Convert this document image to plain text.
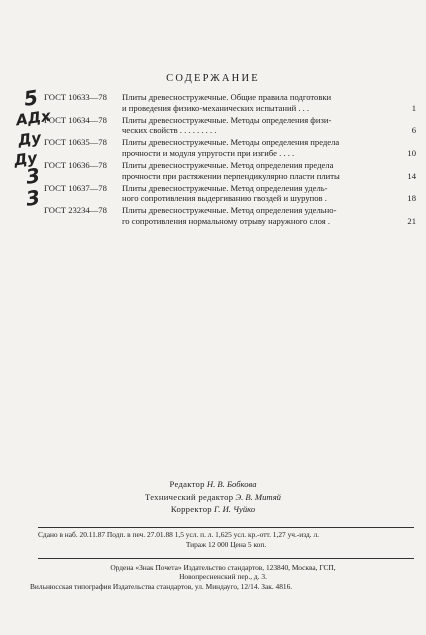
СОДЕРЖАНИЕ
5
АДх
Ду
Ду
3
3
ГОСТ 10633—78	Плиты древесностружечные. Общие правила подготовки
и проведения физико-механических испытаний . . .	1
ГОСТ 10634—78	Плиты древесностружечные. Методы определения физи-
ческих свойств . . . . . . . . .	6
ГОСТ 10635—78	Плиты древесностружечные. Методы определения предела
прочности и модуля упругости при изгибе . . . .	10
ГОСТ 10636—78	Плиты древесностружечные. Метод определения предела
прочности при растяжении перпендикулярно пласти плиты	14
ГОСТ 10637—78	Плиты древесностружечные. Метод определения удель-
ного сопротивления выдергиванию гвоздей и шурупов .	18
ГОСТ 23234—78	Плиты древесностружечные. Метод определения удельно-
го сопротивления нормальному отрыву наружного слоя .	21
Редактор Н. В. Бобкова
Технический редактор Э. В. Митяй
Корректор Г. И. Чуйко
Сдано в наб. 20.11.87 Подп. в печ. 27.01.88 1,5 усл. п. л. 1,625 усл. кр.-отт. 1,27 уч.-изд. л.
Тираж 12 000 Цена 5 коп.
Ордена «Знак Почета» Издательство стандартов, 123840, Москва, ГСП,
Новопресненский пер., д. 3.
Вильнюсская типография Издательства стандартов, ул. Миндауго, 12/14. Зак. 4816.
